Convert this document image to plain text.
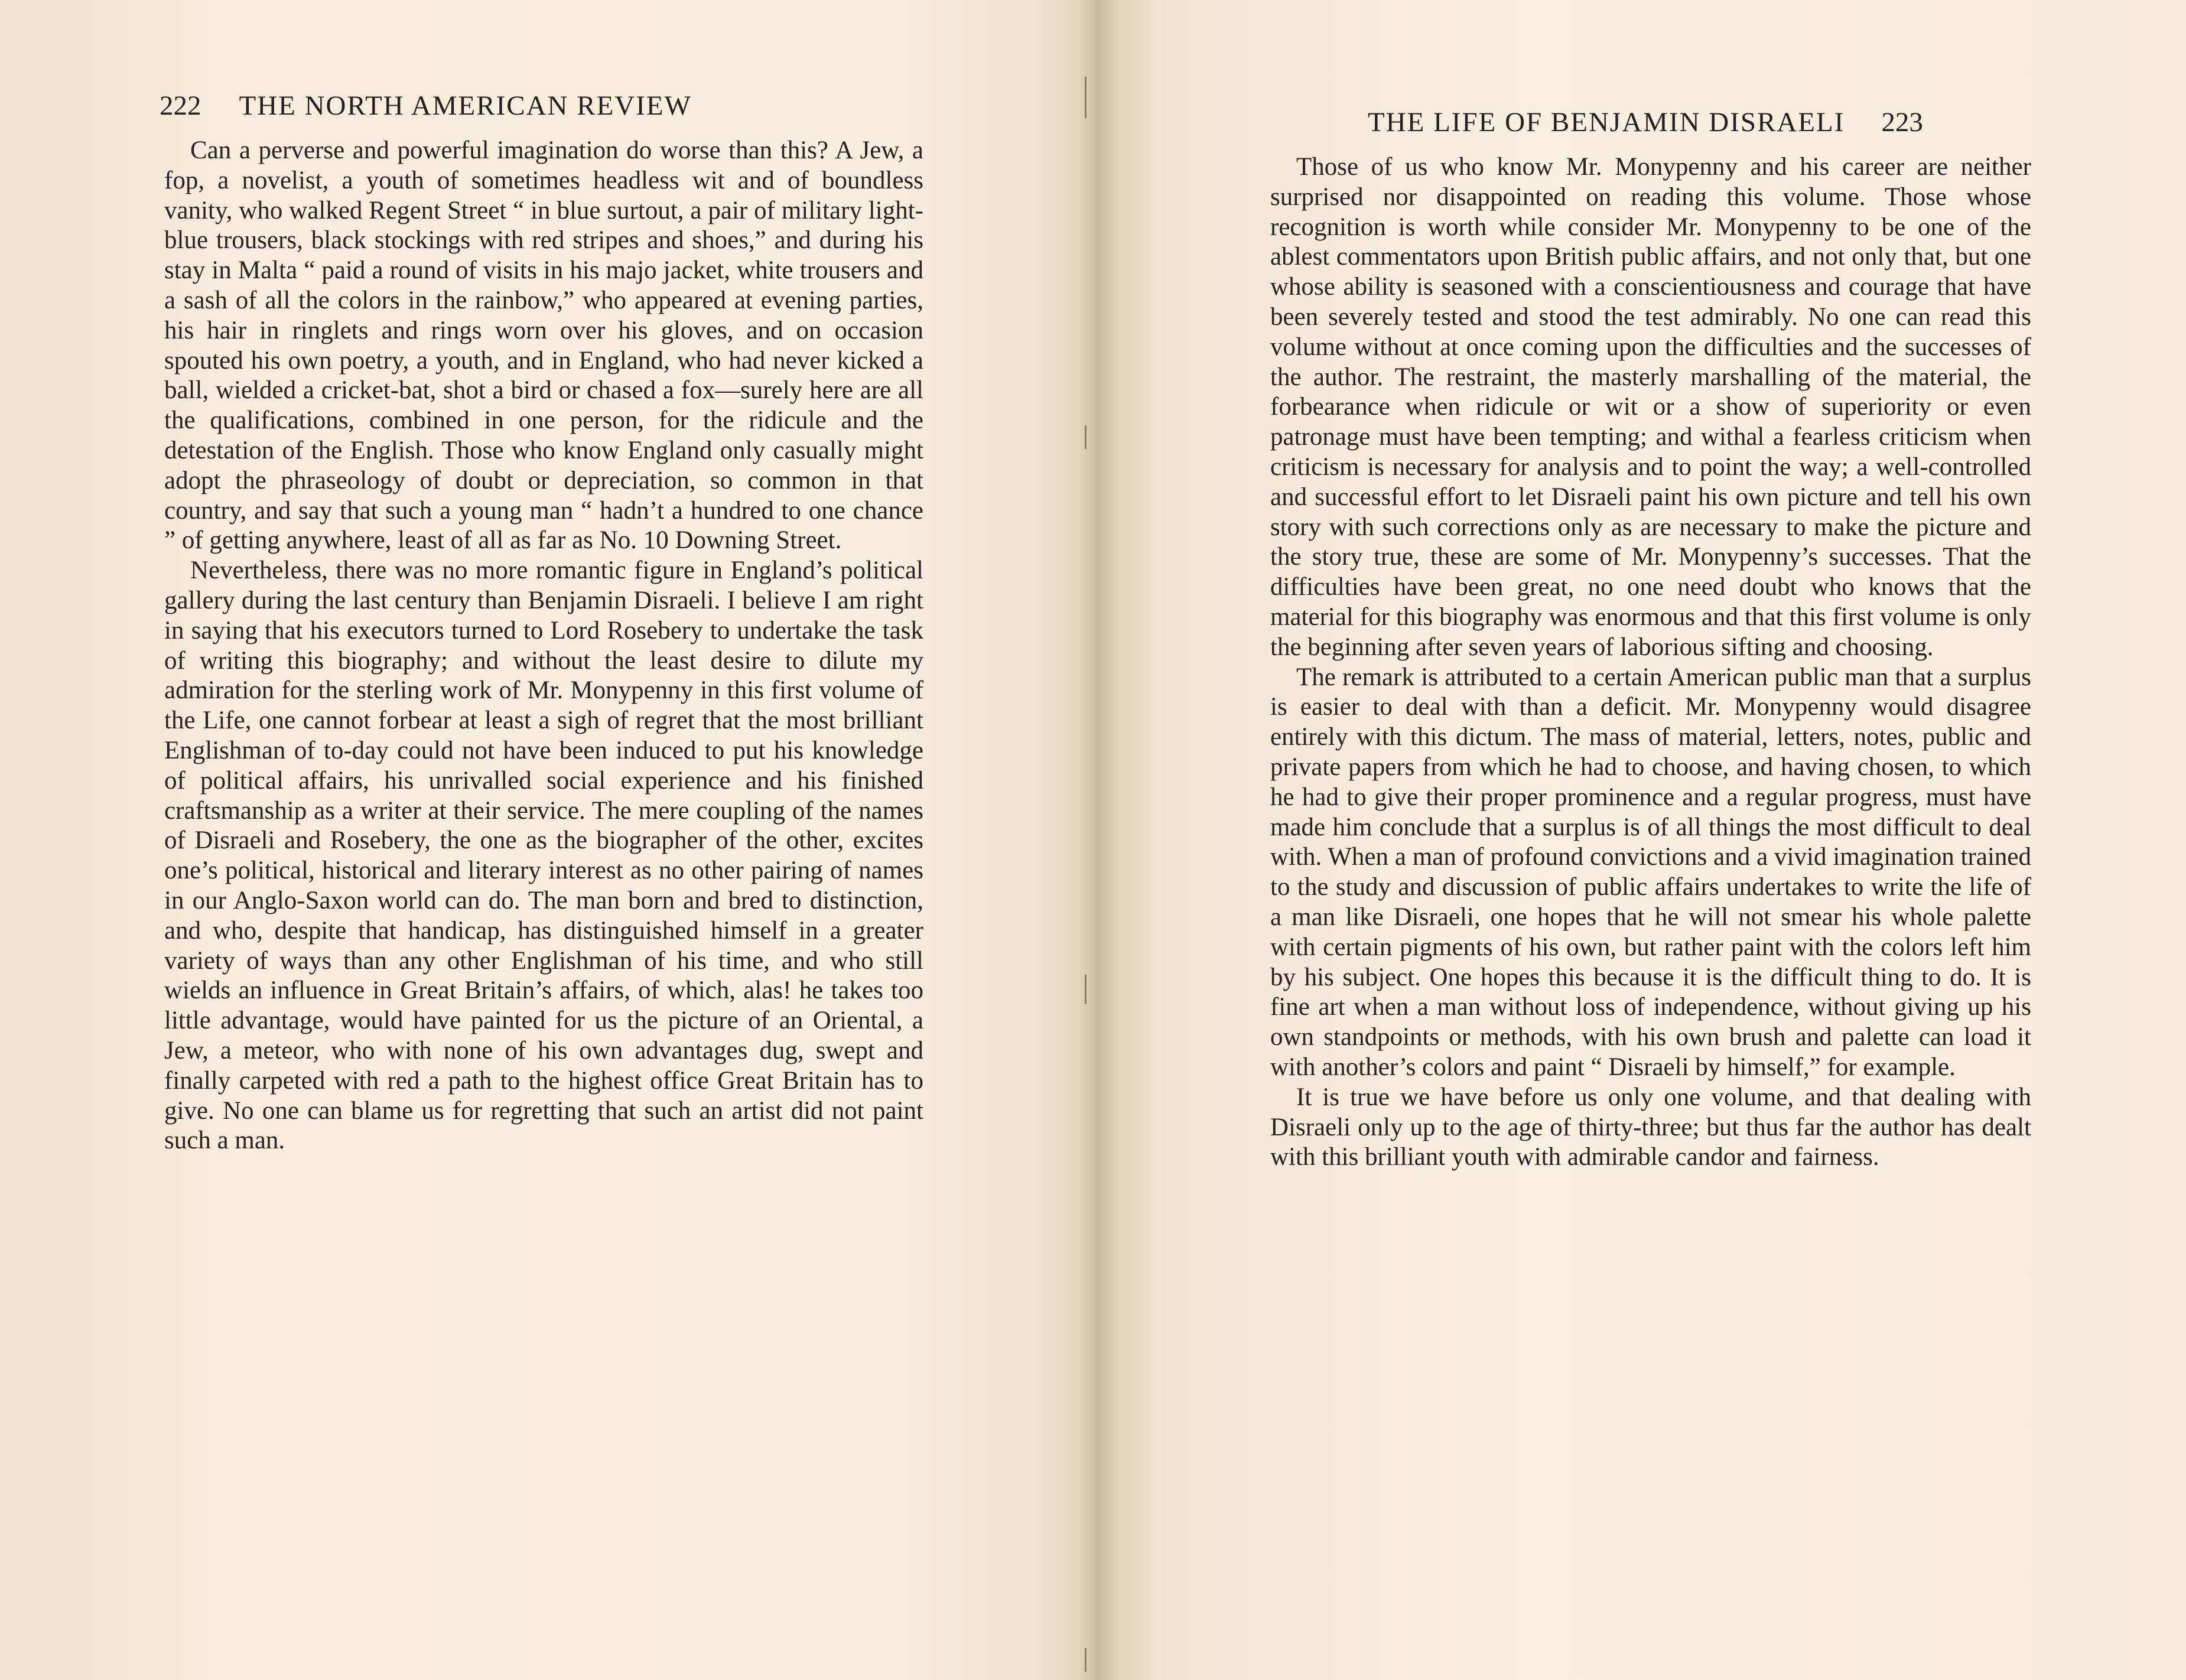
222 THE NORTH AMERICAN REVIEW

Can a perverse and powerful imagination do worse than this? A Jew, a fop, a novelist, a youth of sometimes headless wit and of boundless vanity, who walked Regent Street “ in blue surtout, a pair of military light-blue trousers, black stockings with red stripes and shoes,” and during his stay in Malta “ paid a round of visits in his majo jacket, white trousers and a sash of all the colors in the rainbow,” who appeared at evening parties, his hair in ringlets and rings worn over his gloves, and on occasion spouted his own poetry, a youth, and in England, who had never kicked a ball, wielded a cricket-bat, shot a bird or chased a fox—surely here are all the qualifications, combined in one person, for the ridicule and the detestation of the English. Those who know England only casually might adopt the phraseology of doubt or depreciation, so common in that country, and say that such a young man “ hadn’t a hundred to one chance ” of getting anywhere, least of all as far as No. 10 Downing Street.

Nevertheless, there was no more romantic figure in England’s political gallery during the last century than Benjamin Disraeli. I believe I am right in saying that his executors turned to Lord Rosebery to undertake the task of writing this biography; and without the least desire to dilute my admiration for the sterling work of Mr. Monypenny in this first volume of the Life, one cannot forbear at least a sigh of regret that the most brilliant Englishman of to-day could not have been induced to put his knowledge of political affairs, his unrivalled social experience and his finished craftsmanship as a writer at their service. The mere coupling of the names of Disraeli and Rosebery, the one as the biographer of the other, excites one’s political, historical and literary interest as no other pairing of names in our Anglo-Saxon world can do. The man born and bred to distinction, and who, despite that handicap, has distinguished himself in a greater variety of ways than any other Englishman of his time, and who still wields an influence in Great Britain’s affairs, of which, alas! he takes too little advantage, would have painted for us the picture of an Oriental, a Jew, a meteor, who with none of his own advantages dug, swept and finally carpeted with red a path to the highest office Great Britain has to give. No one can blame us for regretting that such an artist did not paint such a man.

THE LIFE OF BENJAMIN DISRAELI 223

Those of us who know Mr. Monypenny and his career are neither surprised nor disappointed on reading this volume. Those whose recognition is worth while consider Mr. Monypenny to be one of the ablest commentators upon British public affairs, and not only that, but one whose ability is seasoned with a conscientiousness and courage that have been severely tested and stood the test admirably. No one can read this volume without at once coming upon the difficulties and the successes of the author. The restraint, the masterly marshalling of the material, the forbearance when ridicule or wit or a show of superiority or even patronage must have been tempting; and withal a fearless criticism when criticism is necessary for analysis and to point the way; a well-controlled and successful effort to let Disraeli paint his own picture and tell his own story with such corrections only as are necessary to make the picture and the story true, these are some of Mr. Monypenny’s successes. That the difficulties have been great, no one need doubt who knows that the material for this biography was enormous and that this first volume is only the beginning after seven years of laborious sifting and choosing.

The remark is attributed to a certain American public man that a surplus is easier to deal with than a deficit. Mr. Monypenny would disagree entirely with this dictum. The mass of material, letters, notes, public and private papers from which he had to choose, and having chosen, to which he had to give their proper prominence and a regular progress, must have made him conclude that a surplus is of all things the most difficult to deal with. When a man of profound convictions and a vivid imagination trained to the study and discussion of public affairs undertakes to write the life of a man like Disraeli, one hopes that he will not smear his whole palette with certain pigments of his own, but rather paint with the colors left him by his subject. One hopes this because it is the difficult thing to do. It is fine art when a man without loss of independence, without giving up his own standpoints or methods, with his own brush and palette can load it with another’s colors and paint “ Disraeli by himself,” for example.

It is true we have before us only one volume, and that dealing with Disraeli only up to the age of thirty-three; but thus far the author has dealt with this brilliant youth with admirable candor and fairness.
